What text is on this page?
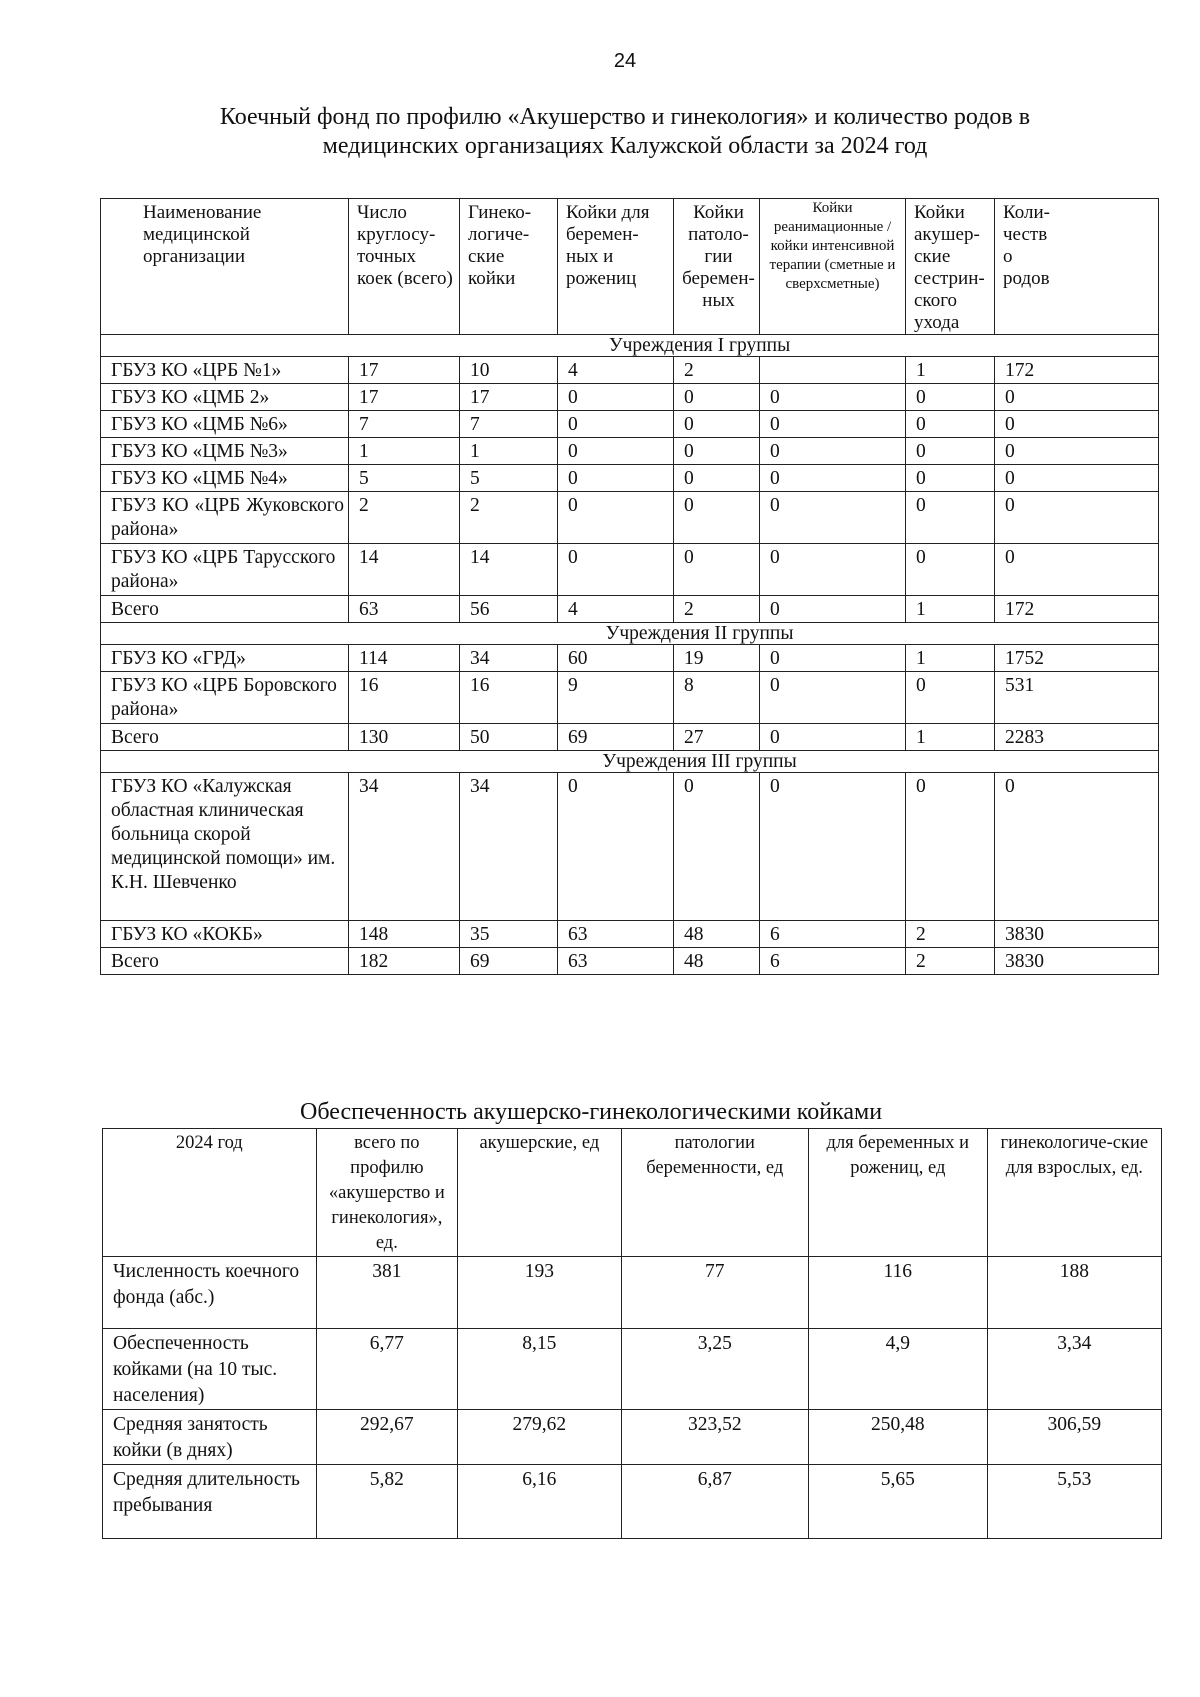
24
Коечный фонд по профилю «Акушерство и гинекология» и количество родов в
медицинских организациях Калужской области за 2024 год
Наименование медицинской организации	Число круглосу-точных коек (всего)	Гинеко-логиче-ские койки	Койки для беремен-ных и рожениц	Койки патоло-гии беремен-ных	Койки реанимационные /койки интенсивной терапии (сметные и сверхсметные)	Койки акушер-ские сестрин-ского ухода	Коли-честв о родов
Учреждения I группы							
ГБУЗ КО «ЦРБ №1»	17	10	4	2		1	172
ГБУЗ КО «ЦМБ 2»	17	17	0	0	0	0	0
ГБУЗ КО «ЦМБ №6»	7	7	0	0	0	0	0
ГБУЗ КО «ЦМБ №3»	1	1	0	0	0	0	0
ГБУЗ КО «ЦМБ №4»	5	5	0	0	0	0	0
ГБУЗ КО «ЦРБ Жуковского района»	2	2	0	0	0	0	0
ГБУЗ КО «ЦРБ Тарусского района»	14	14	0	0	0	0	0
Всего	63	56	4	2	0	1	172
Учреждения II группы							
ГБУЗ КО «ГРД»	114	34	60	19	0	1	1752
ГБУЗ КО «ЦРБ Боровского района»	16	16	9	8	0	0	531
Всего	130	50	69	27	0	1	2283
Учреждения III группы							
ГБУЗ КО «Калужская областная клиническая больница скорой медицинской помощи» им. К.Н. Шевченко	34	34	0	0	0	0	0
ГБУЗ КО «КОКБ»	148	35	63	48	6	2	3830
Всего	182	69	63	48	6	2	3830
Обеспеченность акушерско-гинекологическими койками
2024 год	всего по профилю «акушерство и гинекология», ед.	акушерские, ед	патологии беременности, ед	для беременных и рожениц, ед	гинекологиче-ские для взрослых, ед.
Численность коечного фонда (абс.)	381	193	77	116	188
Обеспеченность койками (на 10 тыс. населения)	6,77	8,15	3,25	4,9	3,34
Средняя занятость койки (в днях)	292,67	279,62	323,52	250,48	306,59
Средняя длительность пребывания	5,82	6,16	6,87	5,65	5,53
